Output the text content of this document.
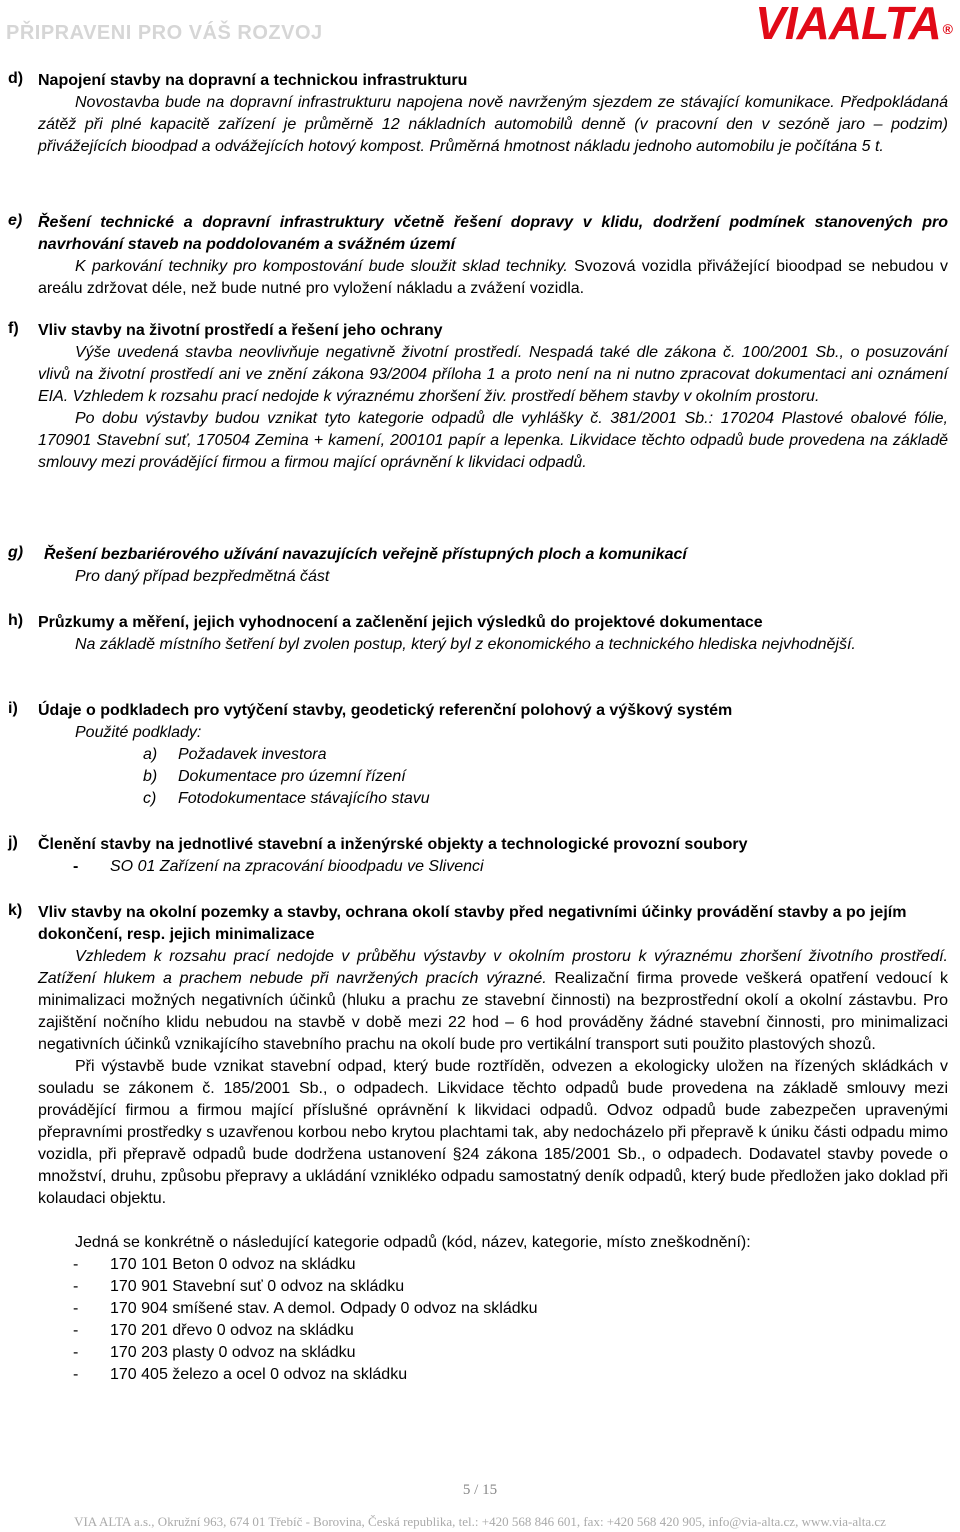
PŘIPRAVENI PRO VÁŠ ROZVOJ	VIAALTA ®
d) Napojení stavby na dopravní a technickou infrastrukturu
Novostavba bude na dopravní infrastrukturu napojena nově navrženým sjezdem ze stávající komunikace. Předpokládaná zátěž při plné kapacitě zařízení je průměrně 12 nákladních automobilů denně (v pracovní den v sezóně jaro – podzim) přivážejících bioodpad a odvážejících hotový kompost. Průměrná hmotnost nákladu jednoho automobilu je počítána 5 t.
e) Řešení technické a dopravní infrastruktury včetně řešení dopravy v klidu, dodržení podmínek stanovených pro navrhování staveb na poddolovaném a svážném území
K parkování techniky pro kompostování bude sloužit sklad techniky. Svozová vozidla přivážející bioodpad se nebudou v areálu zdržovat déle, než bude nutné pro vyložení nákladu a zvážení vozidla.
f) Vliv stavby na životní prostředí a řešení jeho ochrany
Výše uvedená stavba neovlivňuje negativně životní prostředí. Nespadá také dle zákona č. 100/2001 Sb., o posuzování vlivů na životní prostředí ani ve znění zákona 93/2004 příloha 1 a proto není na ni nutno zpracovat dokumentaci ani oznámení EIA. Vzhledem k rozsahu prací nedojde k výraznému zhoršení živ. prostředí během stavby v okolním prostoru.
Po dobu výstavby budou vznikat tyto kategorie odpadů dle vyhlášky č. 381/2001 Sb.: 170204 Plastové obalové fólie, 170901 Stavební suť, 170504 Zemina + kamení, 200101 papír a lepenka. Likvidace těchto odpadů bude provedena na základě smlouvy mezi provádějící firmou a firmou mající oprávnění k likvidaci odpadů.
g) Řešení bezbariérového užívání navazujících veřejně přístupných ploch a komunikací
Pro daný případ bezpředmětná část
h) Průzkumy a měření, jejich vyhodnocení a začlenění jejich výsledků do projektové dokumentace
Na základě místního šetření byl zvolen postup, který byl z ekonomického a technického hlediska nejvhodnější.
i) Údaje o podkladech pro vytýčení stavby, geodetický referenční polohový a výškový systém
Použité podklady:
a) Požadavek investora
b) Dokumentace pro územní řízení
c) Fotodokumentace stávajícího stavu
j) Členění stavby na jednotlivé stavební a inženýrské objekty a technologické provozní soubory
- SO 01 Zařízení na zpracování bioodpadu ve Slivenci
k) Vliv stavby na okolní pozemky a stavby, ochrana okolí stavby před negativními účinky provádění stavby a po jejím dokončení, resp. jejich minimalizace
Vzhledem k rozsahu prací nedojde v průběhu výstavby v okolním prostoru k výraznému zhoršení životního prostředí. Zatížení hlukem a prachem nebude při navržených pracích výrazné. Realizační firma provede veškerá opatření vedoucí k minimalizaci možných negativních účinků (hluku a prachu ze stavební činnosti) na bezprostřední okolí a okolní zástavbu. Pro zajištění nočního klidu nebudou na stavbě v době mezi 22 hod – 6 hod prováděny žádné stavební činnosti, pro minimalizaci negativních účinků vznikajícího stavebního prachu na okolí bude pro vertikální transport suti použito plastových shozů.
Při výstavbě bude vznikat stavební odpad, který bude roztříděn, odvezen a ekologicky uložen na řízených skládkách v souladu se zákonem č. 185/2001 Sb., o odpadech. Likvidace těchto odpadů bude provedena na základě smlouvy mezi provádějící firmou a firmou mající příslušné oprávnění k likvidaci odpadů. Odvoz odpadů bude zabezpečen upravenými přepravními prostředky s uzavřenou korbou nebo krytou plachtami tak, aby nedocházelo při přepravě k úniku části odpadu mimo vozidla, při přepravě odpadů bude dodržena ustanovení §24 zákona 185/2001 Sb., o odpadech. Dodavatel stavby povede o množství, druhu, způsobu přepravy a ukládání vznikléko odpadu samostatný deník odpadů, který bude předložen jako doklad při kolaudaci objektu.
Jedná se konkrétně o následující kategorie odpadů (kód, název, kategorie, místo zneškodnění):
- 170 101 Beton 0 odvoz na skládku
- 170 901 Stavební suť 0 odvoz na skládku
- 170 904 smíšené stav. A demol. Odpady 0 odvoz na skládku
- 170 201 dřevo 0 odvoz na skládku
- 170 203 plasty 0 odvoz na skládku
- 170 405 železo a ocel 0 odvoz na skládku
5 / 15
VIA ALTA a.s., Okružní 963, 674 01 Třebíč - Borovina, Česká republika, tel.: +420 568 846 601, fax: +420 568 420 905, info@via-alta.cz, www.via-alta.cz
